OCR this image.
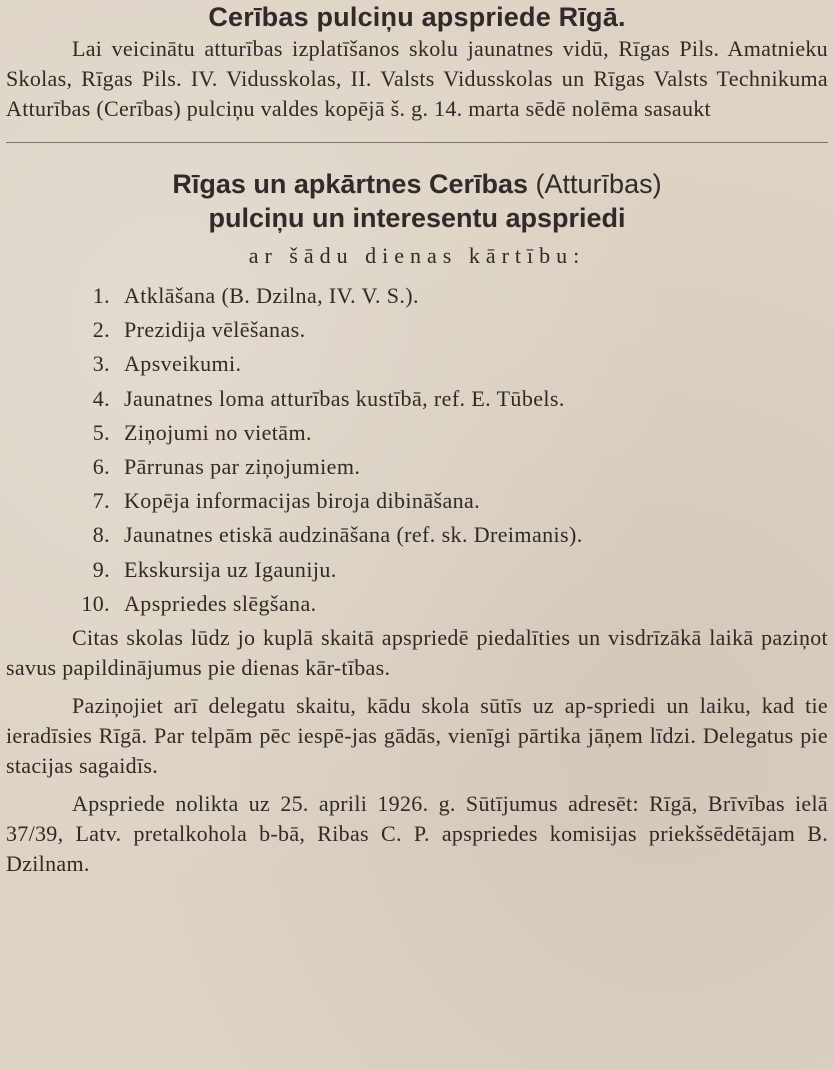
Cerības pulciņu apspriede Rīgā.

Lai veicinātu atturības izplatīšanos skolu jaunatnes vidū, Rīgas Pils. Amatnieku Skolas, Rīgas Pils. IV. Vidusskolas, II. Valsts Vidusskolas un Rīgas Valsts Technikuma Atturības (Cerības) pulciņu valdes kopējā š. g. 14. marta sēdē nolēma sasaukt

Rīgas un apkārtnes Cerības (Atturības)
pulciņu un interesentu apspriedi
ar šādu dienas kārtību:
1. Atklāšana (B. Dzilna, IV. V. S.).
2. Prezidija vēlēšanas.
3. Apsveikumi.
4. Jaunatnes loma atturības kustībā, ref. E. Tūbels.
5. Ziņojumi no vietām.
6. Pārrunas par ziņojumiem.
7. Kopēja informacijas biroja dibināšana.
8. Jaunatnes etiskā audzināšana (ref. sk. Dreimanis).
9. Ekskursija uz Igauniju.
10. Apspriedes slēgšana.

Citas skolas lūdz jo kuplā skaitā apspriedē piedalīties un visdrīzākā laikā paziņot savus papildinājumus pie dienas kār-tības.

Paziņojiet arī delegatu skaitu, kādu skola sūtīs uz ap-spriedi un laiku, kad tie ieradīsies Rīgā. Par telpām pēc iespē-jas gādās, vienīgi pārtika jāņem līdzi. Delegatus pie stacijas sagaidīs.

Apspriede nolikta uz 25. aprili 1926. g. Sūtījumus adresēt: Rīgā, Brīvības ielā 37/39, Latv. pretalkohola b-bā, Ribas C. P. apspriedes komisijas priekšsēdētājam B. Dzilnam.
